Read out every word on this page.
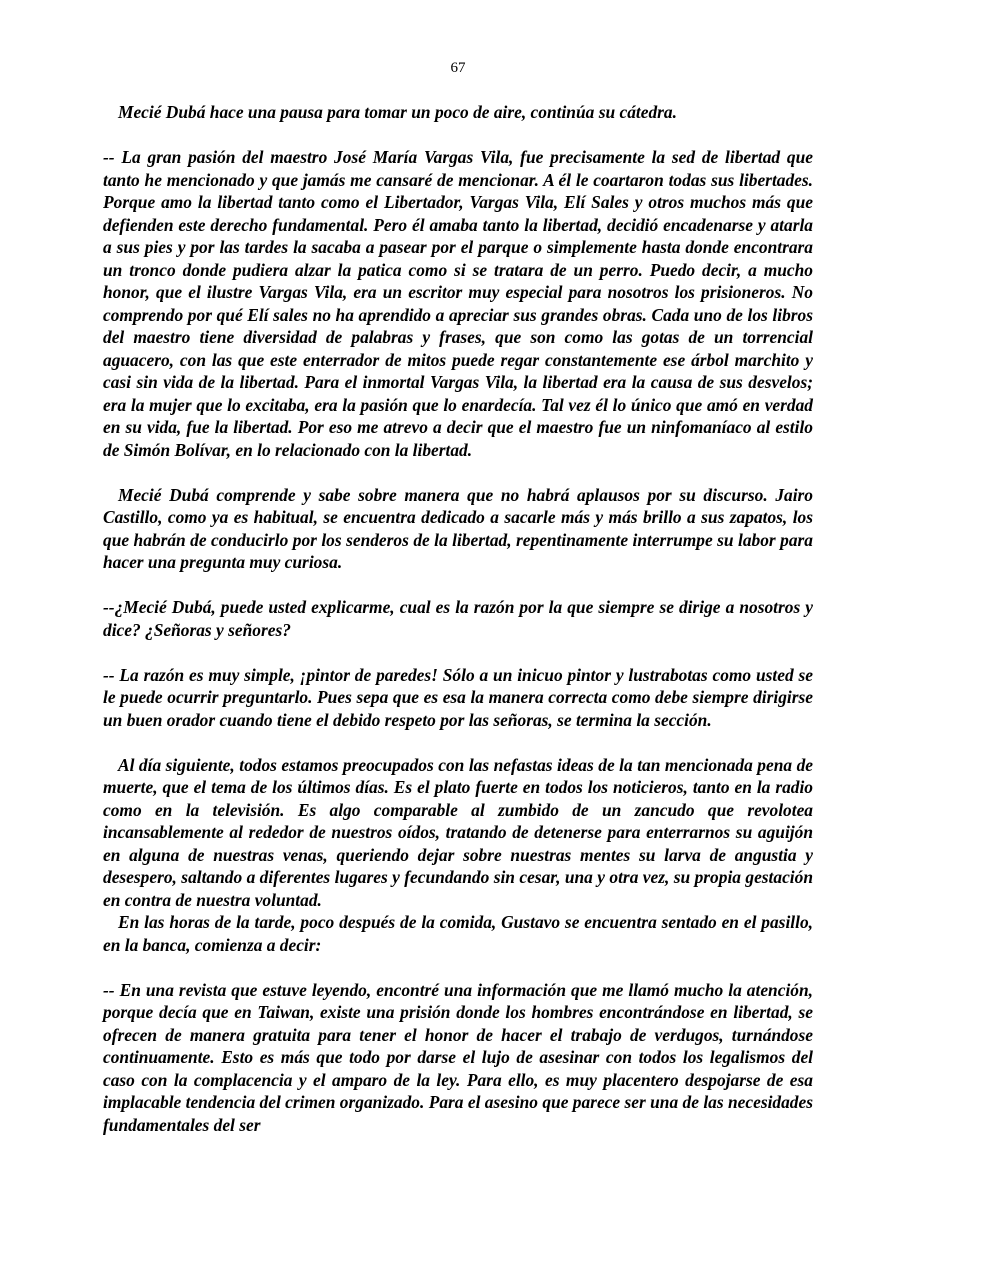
67

Mecié Dubá hace una pausa para tomar un poco de aire, continúa su cátedra.

-- La gran pasión del maestro José María Vargas Vila, fue precisamente la sed de libertad que tanto he mencionado y que jamás me cansaré de mencionar. A él le coartaron todas sus libertades. Porque amo la libertad tanto como el Libertador, Vargas Vila, Elí Sales y otros muchos más que defienden este derecho fundamental. Pero él amaba tanto la libertad, decidió encadenarse y atarla a sus pies y por las tardes la sacaba a pasear por el parque o simplemente hasta donde encontrara un tronco donde pudiera alzar la patica como si se tratara de un perro. Puedo decir, a mucho honor, que el ilustre Vargas Vila, era un escritor muy especial para nosotros los prisioneros. No comprendo por qué Elí sales no ha aprendido a apreciar sus grandes obras. Cada uno de los libros del maestro tiene diversidad de palabras y frases, que son como las gotas de un torrencial aguacero, con las que este enterrador de mitos puede regar constantemente ese árbol marchito y casi sin vida de la libertad. Para el inmortal Vargas Vila, la libertad era la causa de sus desvelos; era la mujer que lo excitaba, era la pasión que lo enardecía. Tal vez él lo único que amó en verdad en su vida, fue la libertad. Por eso me atrevo a decir que el maestro fue un ninfomaníaco al estilo de Simón Bolívar, en lo relacionado con la libertad.

Mecié Dubá comprende y sabe sobre manera que no habrá aplausos por su discurso. Jairo Castillo, como ya es habitual, se encuentra dedicado a sacarle más y más brillo a sus zapatos, los que habrán de conducirlo por los senderos de la libertad, repentinamente interrumpe su labor para hacer una pregunta muy curiosa.

--¿Mecié Dubá, puede usted explicarme, cual es la razón por la que siempre se dirige a nosotros y dice? ¿Señoras y señores?

-- La razón es muy simple, ¡pintor de paredes! Sólo a un inicuo pintor y lustrabotas como usted se le puede ocurrir preguntarlo. Pues sepa que es esa la manera correcta como debe siempre dirigirse un buen orador cuando tiene el debido respeto por las señoras, se termina la sección.

Al día siguiente, todos estamos preocupados con las nefastas ideas de la tan mencionada pena de muerte, que el tema de los últimos días. Es el plato fuerte en todos los noticieros, tanto en la radio como en la televisión. Es algo comparable al zumbido de un zancudo que revolotea incansablemente al rededor de nuestros oídos, tratando de detenerse para enterrarnos su aguijón en alguna de nuestras venas, queriendo dejar sobre nuestras mentes su larva de angustia y desespero, saltando a diferentes lugares y fecundando sin cesar, una y otra vez, su propia gestación en contra de nuestra voluntad.

En las horas de la tarde, poco después de la comida, Gustavo se encuentra sentado en el pasillo, en la banca, comienza a decir:

-- En una revista que estuve leyendo, encontré una información que me llamó mucho la atención, porque decía que en Taiwan, existe una prisión donde los hombres encontrándose en libertad, se ofrecen de manera gratuita para tener el honor de hacer el trabajo de verdugos, turnándose continuamente. Esto es más que todo por darse el lujo de asesinar con todos los legalismos del caso con la complacencia y el amparo de la ley. Para ello, es muy placentero despojarse de esa implacable tendencia del crimen organizado. Para el asesino que parece ser una de las necesidades fundamentales del ser
